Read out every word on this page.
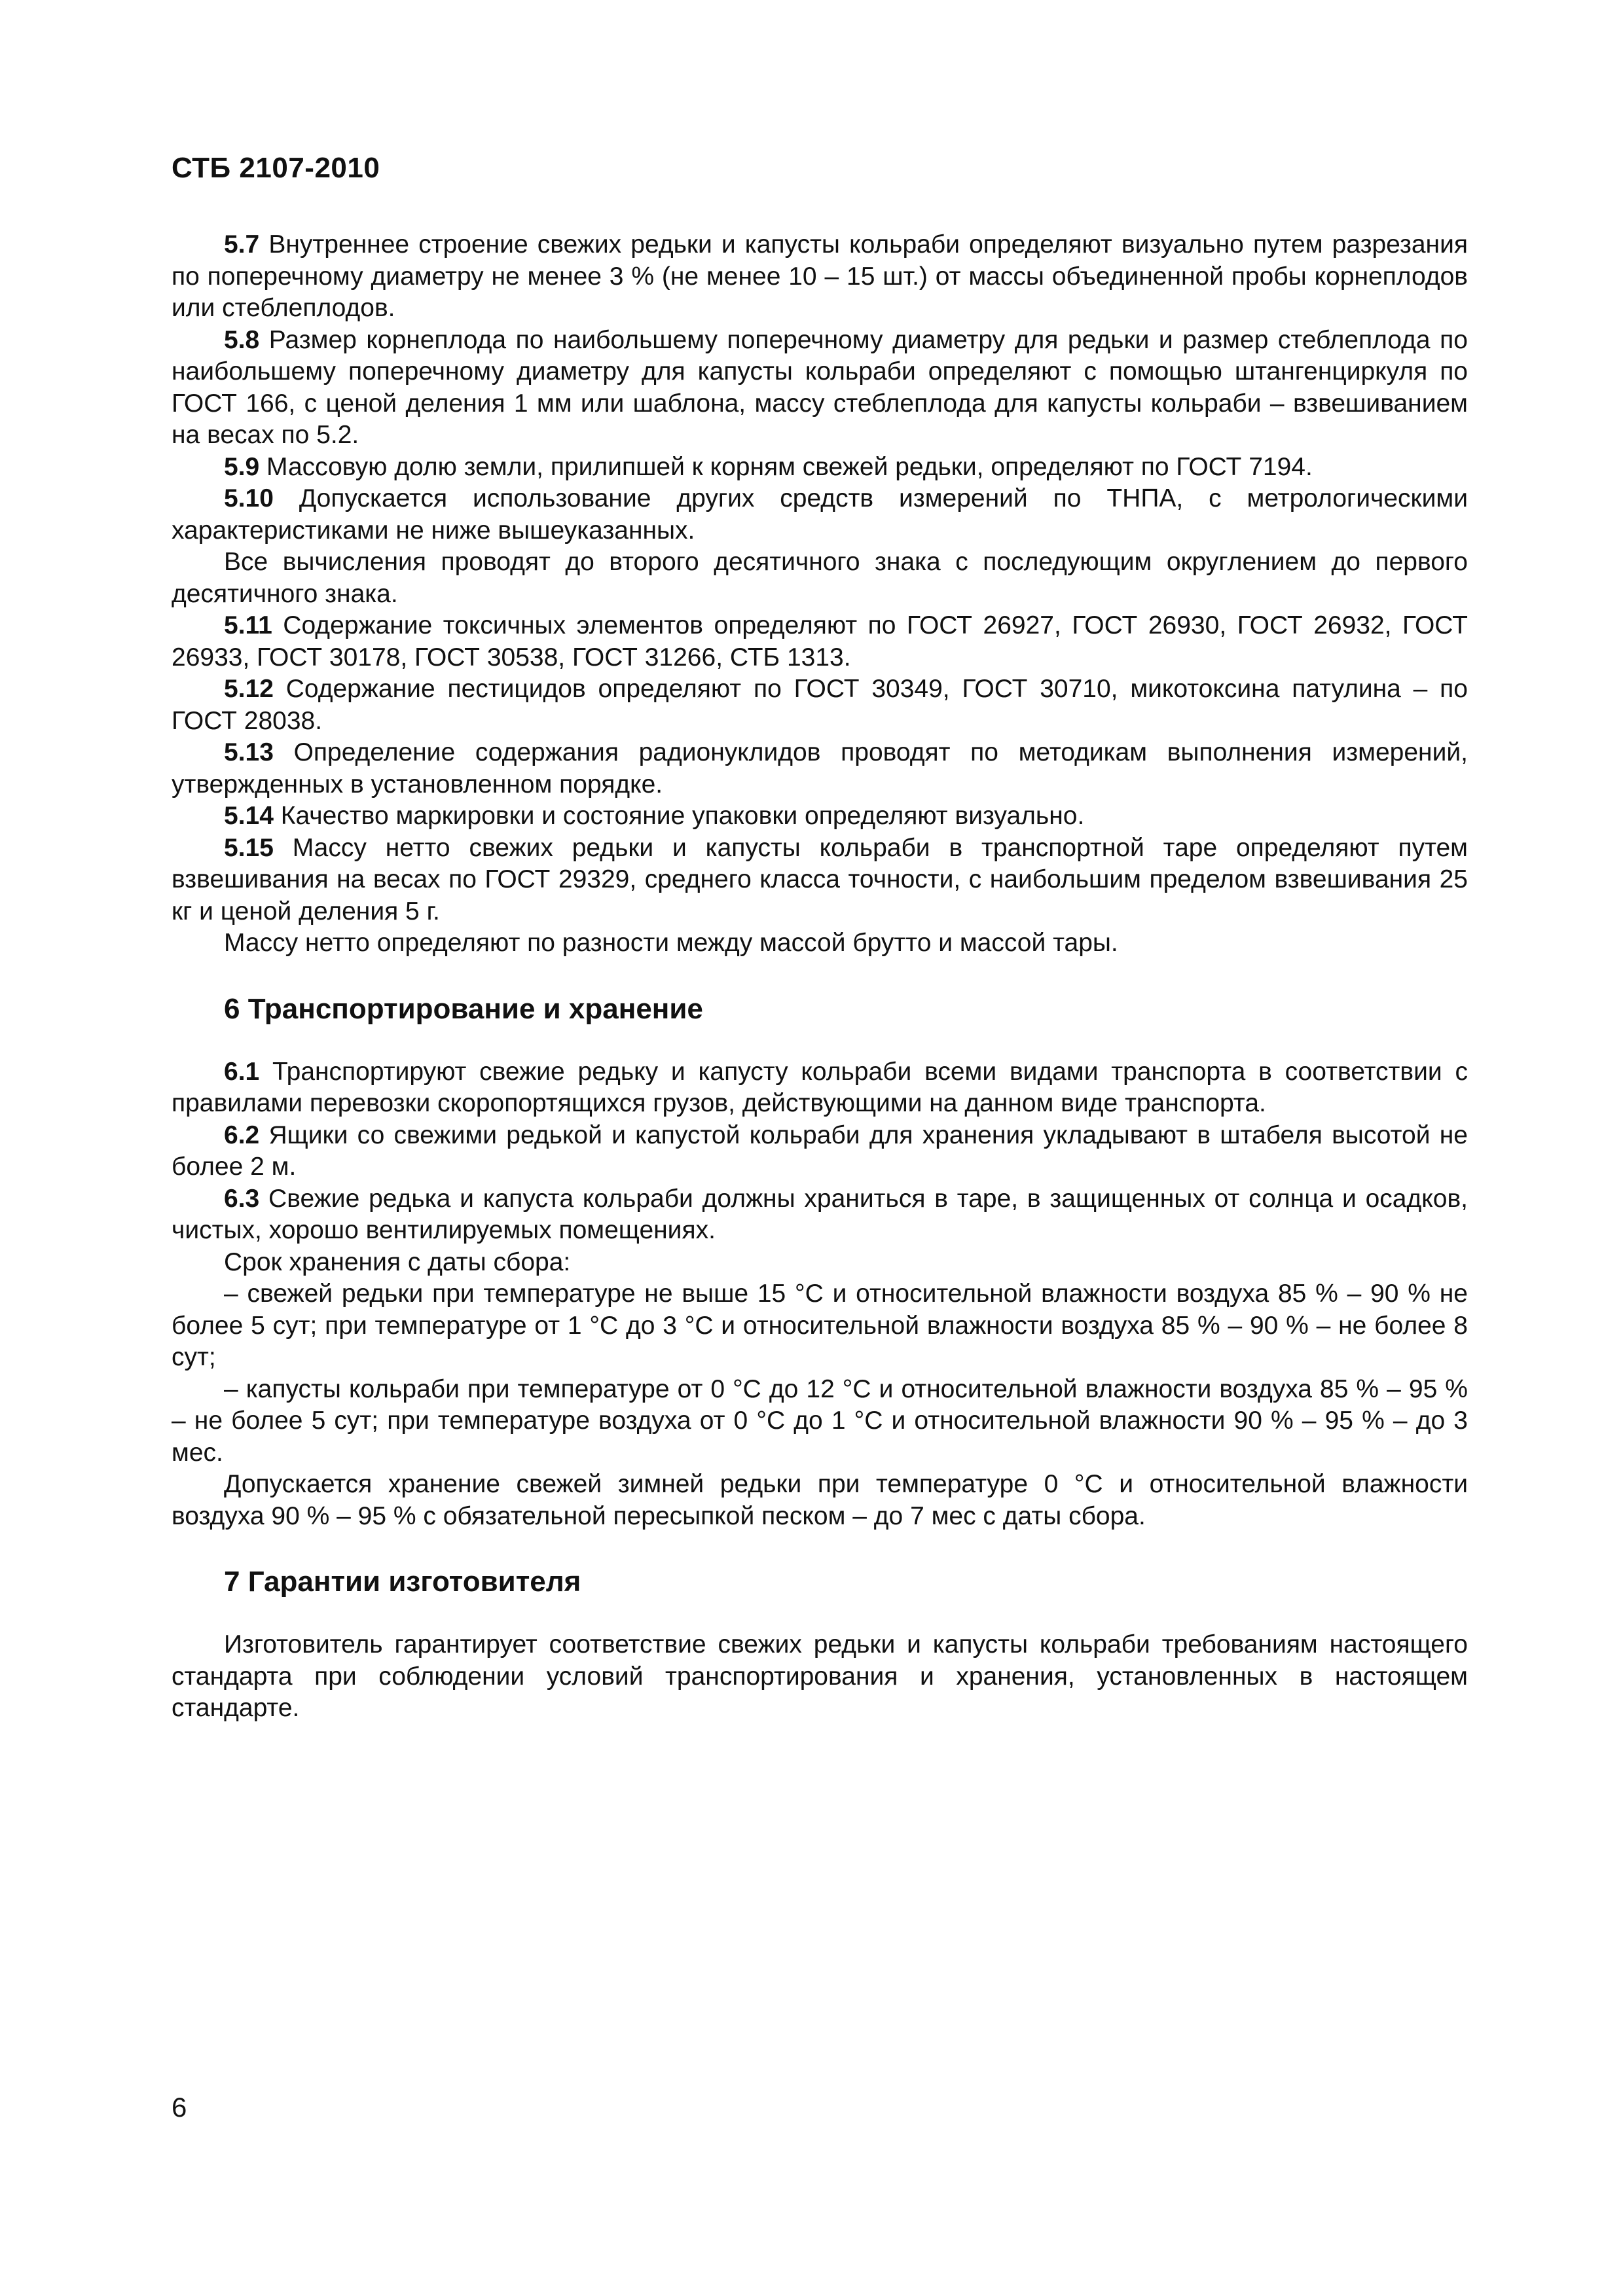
СТБ 2107-2010

5.7 Внутреннее строение свежих редьки и капусты кольраби определяют визуально путем разрезания по поперечному диаметру не менее 3 % (не менее 10 – 15 шт.) от массы объединенной пробы корнеплодов или стеблеплодов.

5.8 Размер корнеплода по наибольшему поперечному диаметру для редьки и размер стеблеплода по наибольшему поперечному диаметру для капусты кольраби определяют с помощью штангенциркуля по ГОСТ 166, с ценой деления 1 мм или шаблона, массу стеблеплода для капусты кольраби – взвешиванием на весах по 5.2.

5.9 Массовую долю земли, прилипшей к корням свежей редьки, определяют по ГОСТ 7194.

5.10 Допускается использование других средств измерений по ТНПА, с метрологическими характеристиками не ниже вышеуказанных.

Все вычисления проводят до второго десятичного знака с последующим округлением до первого десятичного знака.

5.11 Содержание токсичных элементов определяют по ГОСТ 26927, ГОСТ 26930, ГОСТ 26932, ГОСТ 26933, ГОСТ 30178, ГОСТ 30538, ГОСТ 31266, СТБ 1313.

5.12 Содержание пестицидов определяют по ГОСТ 30349, ГОСТ 30710, микотоксина патулина – по ГОСТ 28038.

5.13 Определение содержания радионуклидов проводят по методикам выполнения измерений, утвержденных в установленном порядке.

5.14 Качество маркировки и состояние упаковки определяют визуально.

5.15 Массу нетто свежих редьки и капусты кольраби в транспортной таре определяют путем взвешивания на весах по ГОСТ 29329, среднего класса точности, с наибольшим пределом взвешивания 25 кг и ценой деления 5 г.

Массу нетто определяют по разности между массой брутто и массой тары.

6 Транспортирование и хранение

6.1 Транспортируют свежие редьку и капусту кольраби всеми видами транспорта в соответствии с правилами перевозки скоропортящихся грузов, действующими на данном виде транспорта.

6.2 Ящики со свежими редькой и капустой кольраби для хранения укладывают в штабеля высотой не более 2 м.

6.3 Свежие редька и капуста кольраби должны храниться в таре, в защищенных от солнца и осадков, чистых, хорошо вентилируемых помещениях.

Срок хранения с даты сбора:

– свежей редьки при температуре не выше 15 °С и относительной влажности воздуха 85 % – 90 % не более 5 сут; при температуре от 1 °С до 3 °С и относительной влажности воздуха 85 % – 90 % – не более 8 сут;

– капусты кольраби при температуре от 0 °С до 12 °С и относительной влажности воздуха 85 % – 95 % – не более 5 сут; при температуре воздуха от 0 °С до 1 °С и относительной влажности 90 % – 95 % – до 3 мес.

Допускается хранение свежей зимней редьки при температуре 0 °С и относительной влажности воздуха 90 % – 95 % с обязательной пересыпкой песком – до 7 мес с даты сбора.

7 Гарантии изготовителя

Изготовитель гарантирует соответствие свежих редьки и капусты кольраби требованиям настоящего стандарта при соблюдении условий транспортирования и хранения, установленных в настоящем стандарте.

6
